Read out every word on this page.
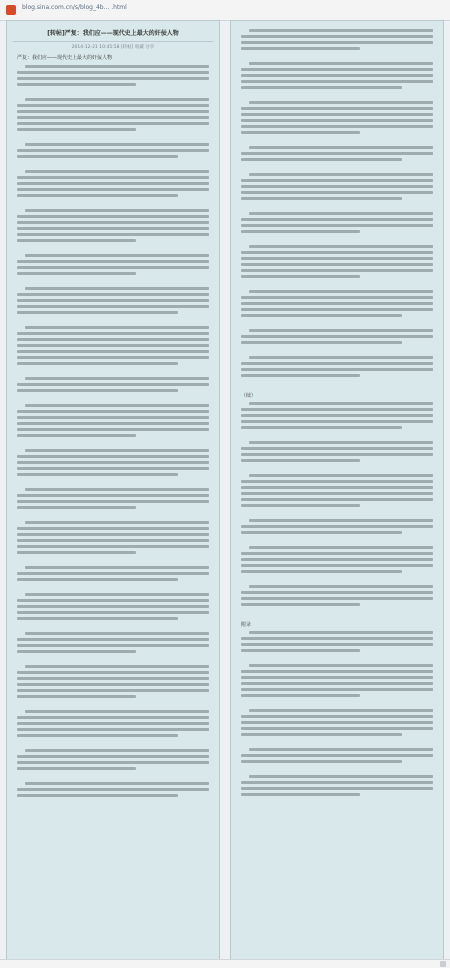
blog.sina.com.cn/s/blog_4b... .html
[转帖]严复：我们应——现代史上最大的奸佞人物
2014-12-21 10:45:58 [转帖] 收藏 分享
严复：我们应——现代史上最大的奸佞人物
（续）
附录
